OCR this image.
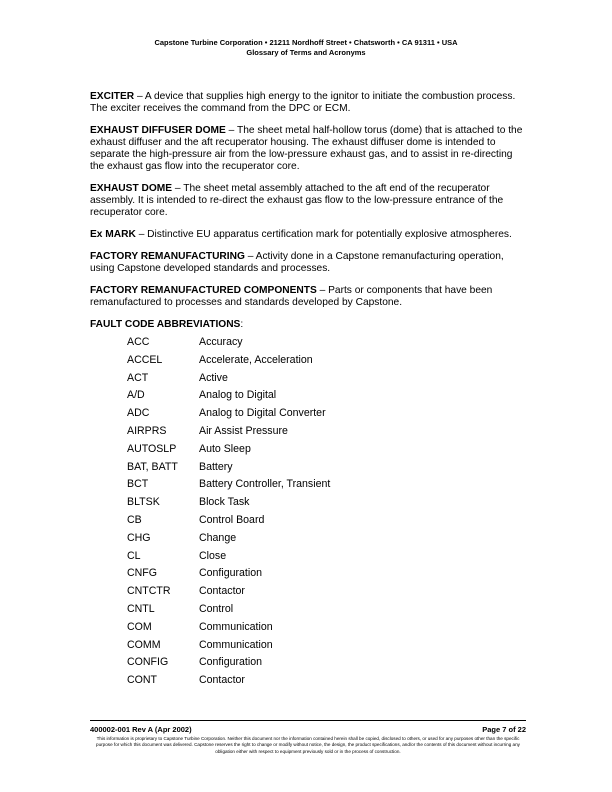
Capstone Turbine Corporation • 21211 Nordhoff Street • Chatsworth • CA 91311 • USA
Glossary of Terms and Acronyms

EXCITER – A device that supplies high energy to the ignitor to initiate the combustion process. The exciter receives the command from the DPC or ECM.

EXHAUST DIFFUSER DOME – The sheet metal half-hollow torus (dome) that is attached to the exhaust diffuser and the aft recuperator housing. The exhaust diffuser dome is intended to separate the high-pressure air from the low-pressure exhaust gas, and to assist in re-directing the exhaust gas flow into the recuperator core.

EXHAUST DOME – The sheet metal assembly attached to the aft end of the recuperator assembly. It is intended to re-direct the exhaust gas flow to the low-pressure entrance of the recuperator core.

Ex MARK – Distinctive EU apparatus certification mark for potentially explosive atmospheres.

FACTORY REMANUFACTURING – Activity done in a Capstone remanufacturing operation, using Capstone developed standards and processes.

FACTORY REMANUFACTURED COMPONENTS – Parts or components that have been remanufactured to processes and standards developed by Capstone.

FAULT CODE ABBREVIATIONS:

ACC	Accuracy
ACCEL	Accelerate, Acceleration
ACT	Active
A/D	Analog to Digital
ADC	Analog to Digital Converter
AIRPRS	Air Assist Pressure
AUTOSLP	Auto Sleep
BAT, BATT	Battery
BCT	Battery Controller, Transient
BLTSK	Block Task
CB	Control Board
CHG	Change
CL	Close
CNFG	Configuration
CNTCTR	Contactor
CNTL	Control
COM	Communication
COMM	Communication
CONFIG	Configuration
CONT	Contactor
400002-001 Rev A (Apr 2002)	Page 7 of 22
This information is proprietary to Capstone Turbine Corporation. Neither this document nor the information contained herein shall be copied, disclosed to others, or used for any purposes other than the specific purpose for which this document was delivered. Capstone reserves the right to change or modify without notice, the design, the product specifications, and/or the contents of this document without incurring any obligation either with respect to equipment previously sold or in the process of construction.
